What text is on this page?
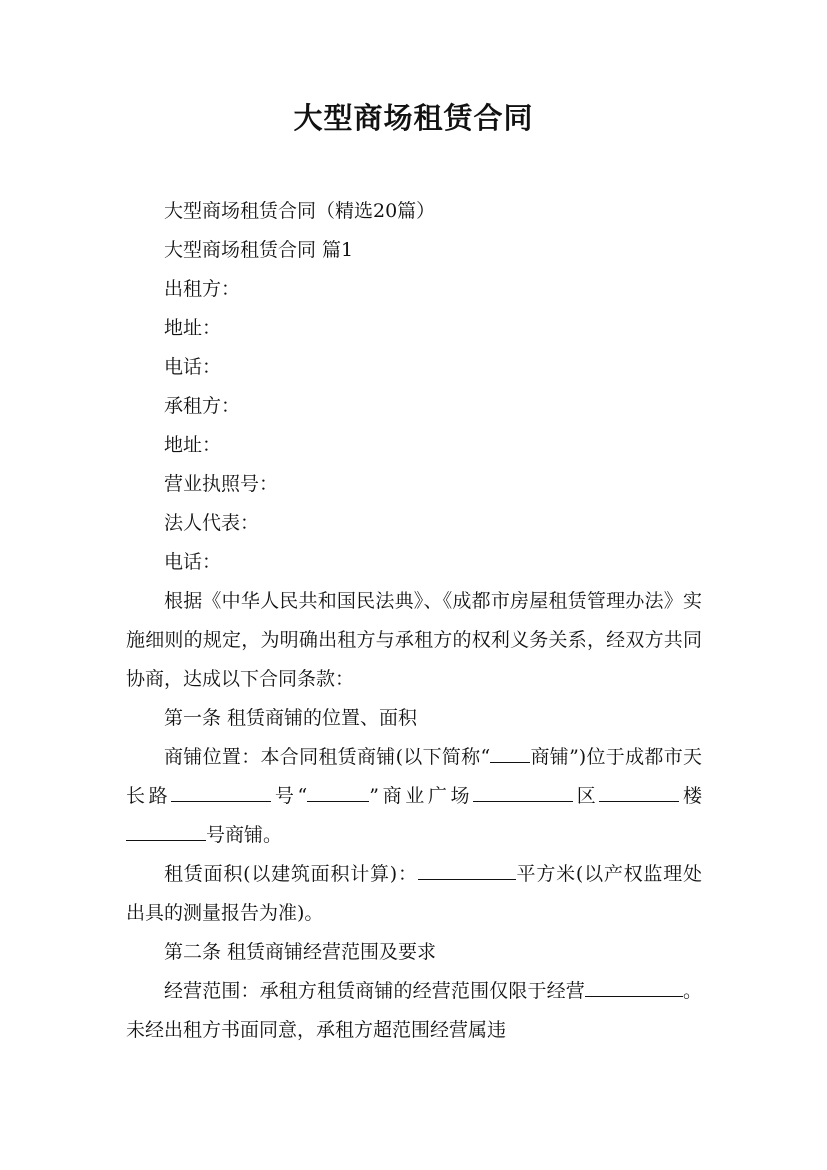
大型商场租赁合同

大型商场租赁合同（精选20篇）

大型商场租赁合同 篇1

出租方：

地址：

电话：

承租方：

地址：

营业执照号：

法人代表：

电话：

根据《中华人民共和国民法典》、《成都市房屋租赁管理办法》实施细则的规定，为明确出租方与承租方的权利义务关系，经双方共同协商，达成以下合同条款：

第一条 租赁商铺的位置、面积

商铺位置：本合同租赁商铺(以下简称“ 商铺”)位于成都市天长路	号“	”商业广场	区	楼号商铺。

租赁面积(以建筑面积计算)：	平方米(以产权监理处出具的测量报告为准)。

第二条 租赁商铺经营范围及要求

经营范围：承租方租赁商铺的经营范围仅限于经营	。未经出租方书面同意，承租方超范围经营属违
